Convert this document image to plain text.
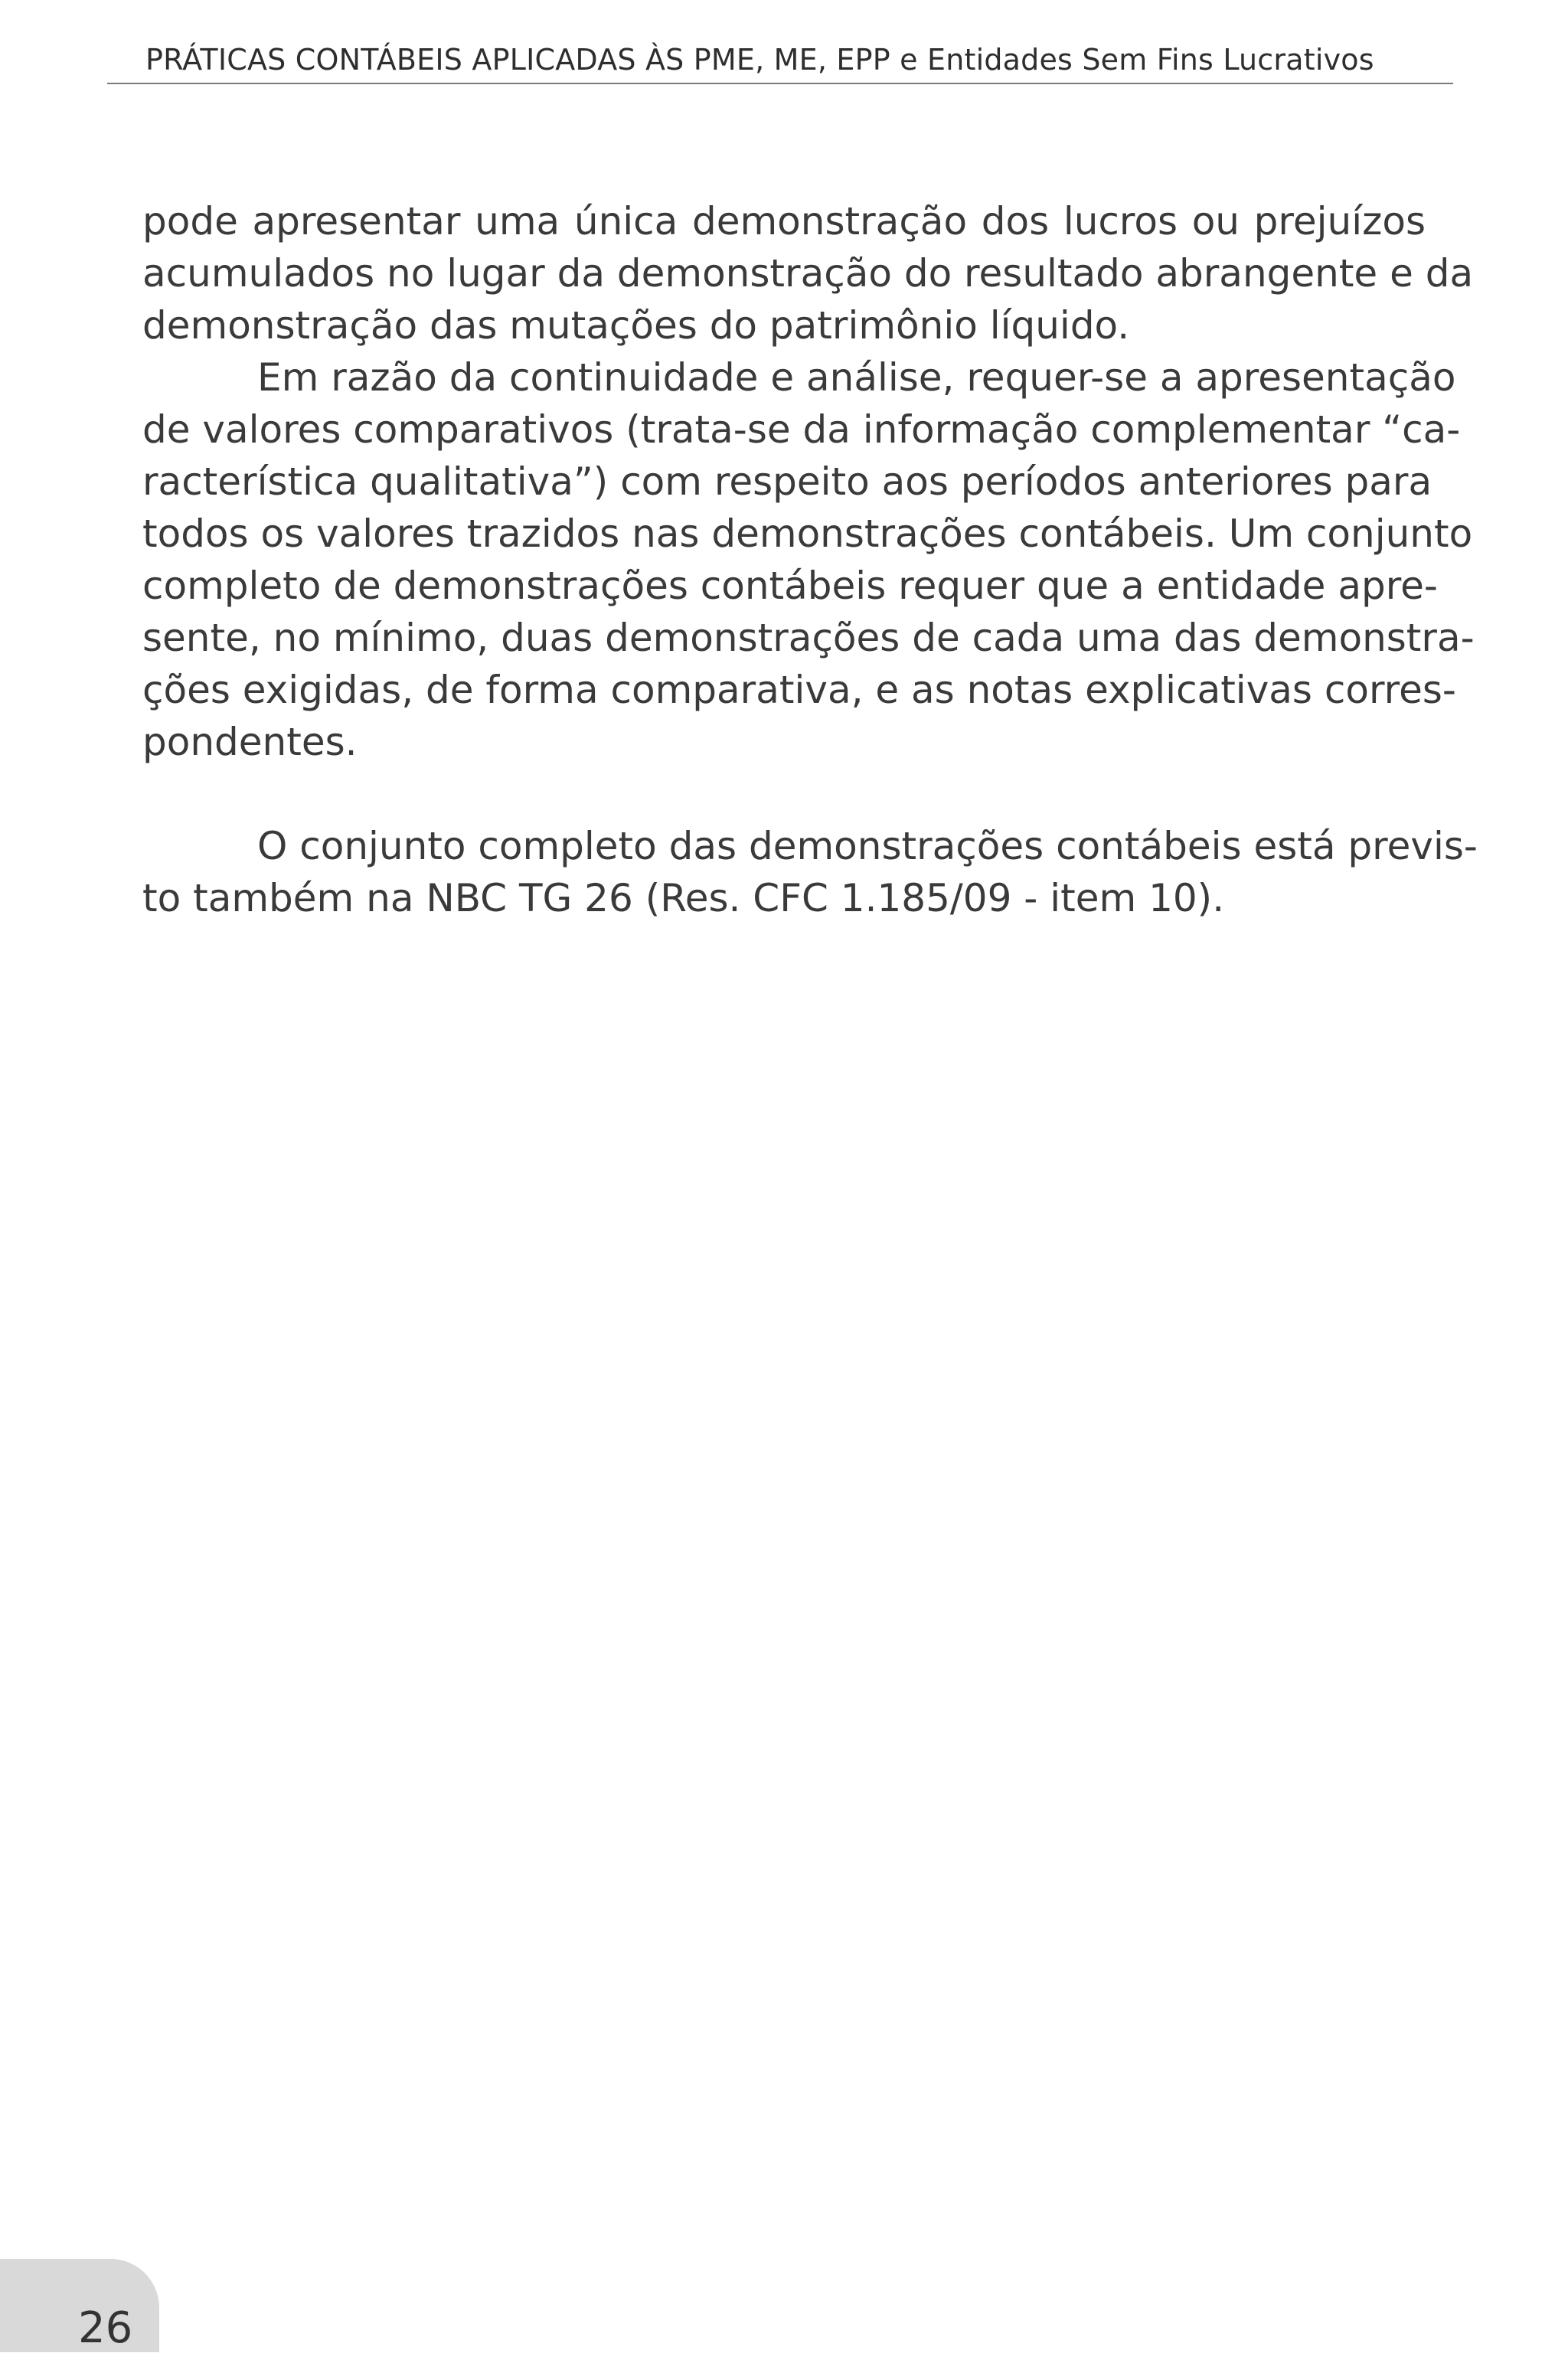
PRÁTICAS CONTÁBEIS APLICADAS ÀS PME, ME, EPP e Entidades Sem Fins Lucrativos
pode apresentar uma única demonstração dos lucros ou prejuízos
acumulados no lugar da demonstração do resultado abrangente e da
demonstração das mutações do patrimônio líquido.
Em razão da continuidade e análise, requer-se a apresentação
de valores comparativos (trata-se da informação complementar “ca-
racterística qualitativa”) com respeito aos períodos anteriores para
todos os valores trazidos nas demonstrações contábeis. Um conjunto
completo de demonstrações contábeis requer que a entidade apre-
sente, no mínimo, duas demonstrações de cada uma das demonstra-
ções exigidas, de forma comparativa, e as notas explicativas corres-
pondentes.
O conjunto completo das demonstrações contábeis está previs-
to também na NBC TG 26 (Res. CFC 1.185/09 - item 10).
26
